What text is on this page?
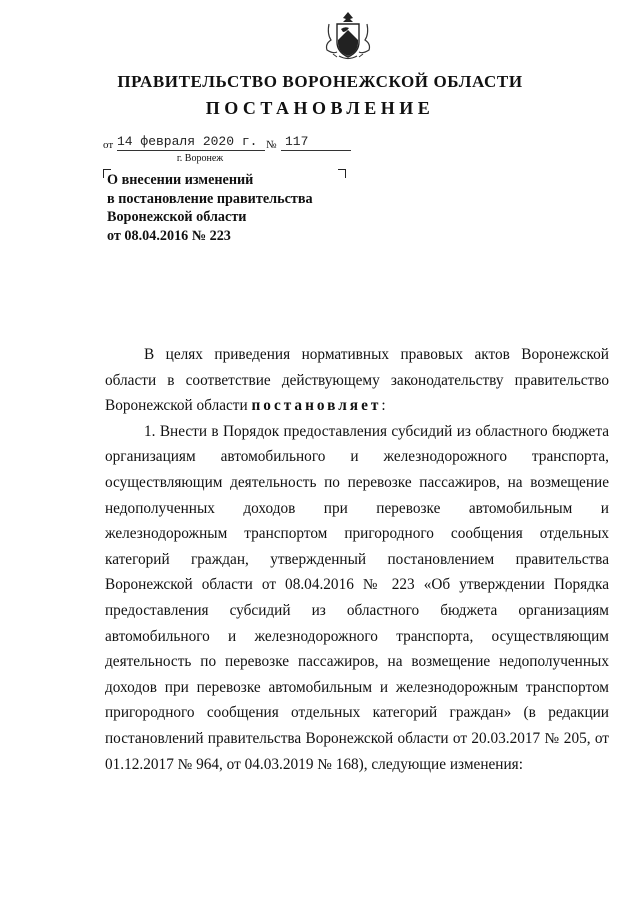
ПРАВИТЕЛЬСТВО ВОРОНЕЖСКОЙ ОБЛАСТИ
ПОСТАНОВЛЕНИЕ
от 14 февраля 2020 г. № 117
г. Воронеж
О внесении изменений
в постановление правительства
Воронежской области
от 08.04.2016 № 223

В целях приведения нормативных правовых актов Воронежской области в соответствие действующему законодательству правительство Воронежской области постановляет:

1. Внести в Порядок предоставления субсидий из областного бюджета организациям автомобильного и железнодорожного транспорта, осуществляющим деятельность по перевозке пассажиров, на возмещение недополученных доходов при перевозке автомобильным и железнодорожным транспортом пригородного сообщения отдельных категорий граждан, утвержденный постановлением правительства Воронежской области от 08.04.2016 № 223 «Об утверждении Порядка предоставления субсидий из областного бюджета организациям автомобильного и железнодорожного транспорта, осуществляющим деятельность по перевозке пассажиров, на возмещение недополученных доходов при перевозке автомобильным и железнодорожным транспортом пригородного сообщения отдельных категорий граждан» (в редакции постановлений правительства Воронежской области от 20.03.2017 № 205, от 01.12.2017 № 964, от 04.03.2019 № 168), следующие изменения:
